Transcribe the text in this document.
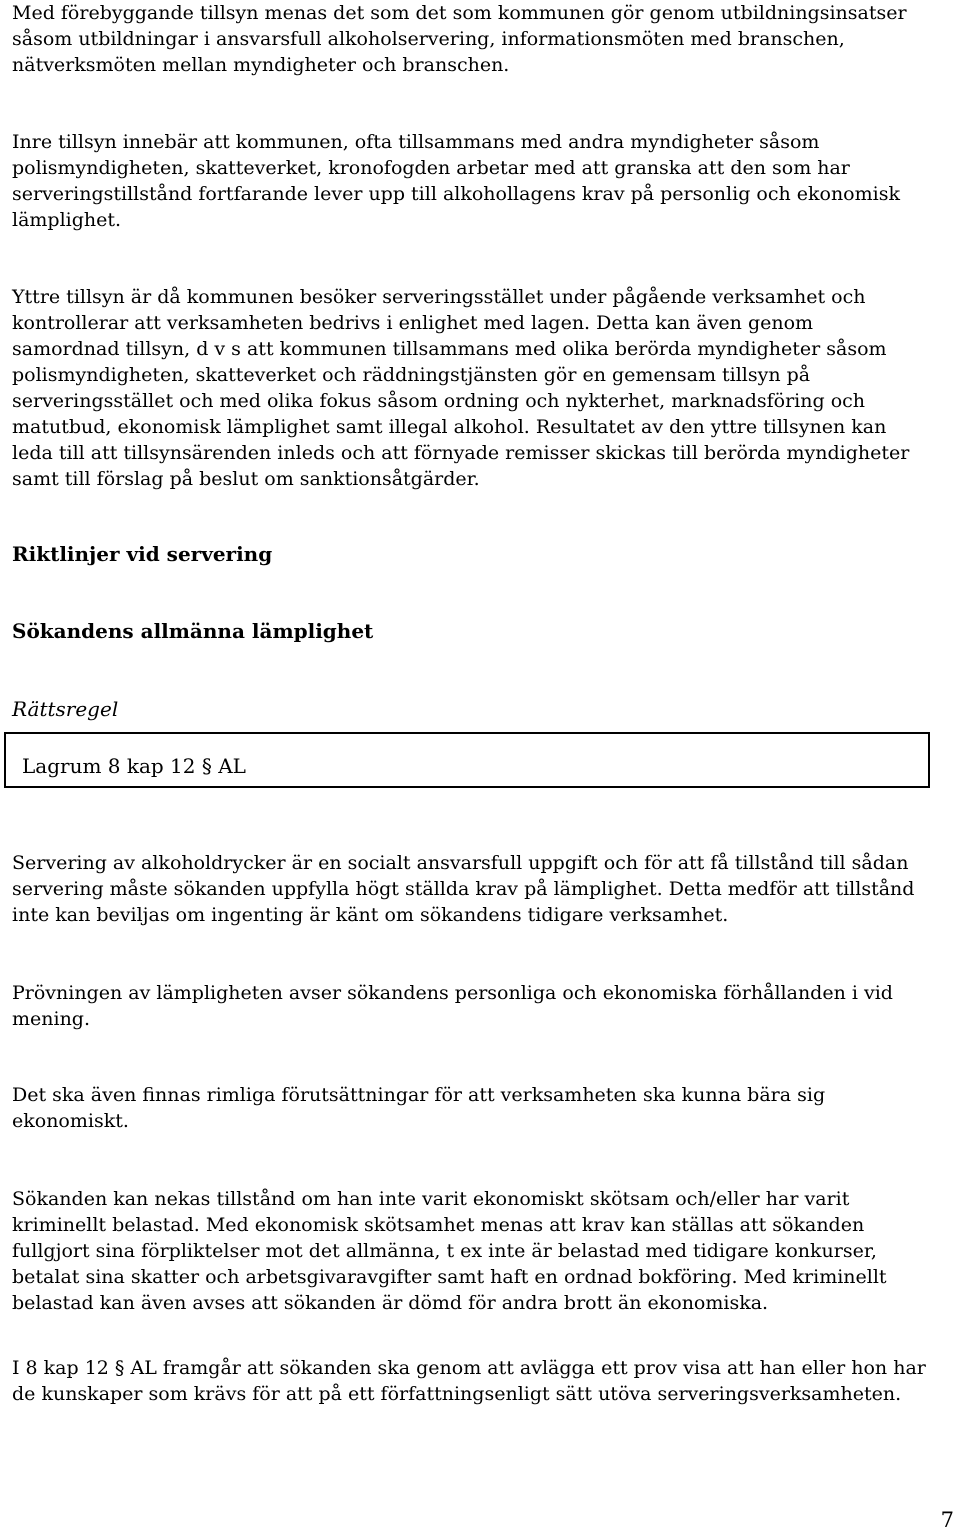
Med förebyggande tillsyn menas det som det som kommunen gör genom utbildningsinsatser
såsom utbildningar i ansvarsfull alkoholservering, informationsmöten med branschen,
nätverksmöten mellan myndigheter och branschen.

Inre tillsyn innebär att kommunen, ofta tillsammans med andra myndigheter såsom
polismyndigheten, skatteverket, kronofogden arbetar med att granska att den som har
serveringstillstånd fortfarande lever upp till alkohollagens krav på personlig och ekonomisk
lämplighet.

Yttre tillsyn är då kommunen besöker serveringsstället under pågående verksamhet och
kontrollerar att verksamheten bedrivs i enlighet med lagen. Detta kan även genom
samordnad tillsyn, d v s att kommunen tillsammans med olika berörda myndigheter såsom
polismyndigheten, skatteverket och räddningstjänsten gör en gemensam tillsyn på
serveringsstället och med olika fokus såsom ordning och nykterhet, marknadsföring och
matutbud, ekonomisk lämplighet samt illegal alkohol. Resultatet av den yttre tillsynen kan
leda till att tillsynsärenden inleds och att förnyade remisser skickas till berörda myndigheter
samt till förslag på beslut om sanktionsåtgärder.

Riktlinjer vid servering
Sökandens allmänna lämplighet
Rättsregel
Lagrum 8 kap 12 § AL

Servering av alkoholdrycker är en socialt ansvarsfull uppgift och för att få tillstånd till sådan
servering måste sökanden uppfylla högt ställda krav på lämplighet. Detta medför att tillstånd
inte kan beviljas om ingenting är känt om sökandens tidigare verksamhet.

Prövningen av lämpligheten avser sökandens personliga och ekonomiska förhållanden i vid
mening.

Det ska även finnas rimliga förutsättningar för att verksamheten ska kunna bära sig
ekonomiskt.

Sökanden kan nekas tillstånd om han inte varit ekonomiskt skötsam och/eller har varit
kriminellt belastad. Med ekonomisk skötsamhet menas att krav kan ställas att sökanden
fullgjort sina förpliktelser mot det allmänna, t ex inte är belastad med tidigare konkurser,
betalat sina skatter och arbetsgivaravgifter samt haft en ordnad bokföring. Med kriminellt
belastad kan även avses att sökanden är dömd för andra brott än ekonomiska.

I 8 kap 12 § AL framgår att sökanden ska genom att avlägga ett prov visa att han eller hon har
de kunskaper som krävs för att på ett författningsenligt sätt utöva serveringsverksamheten.

7
